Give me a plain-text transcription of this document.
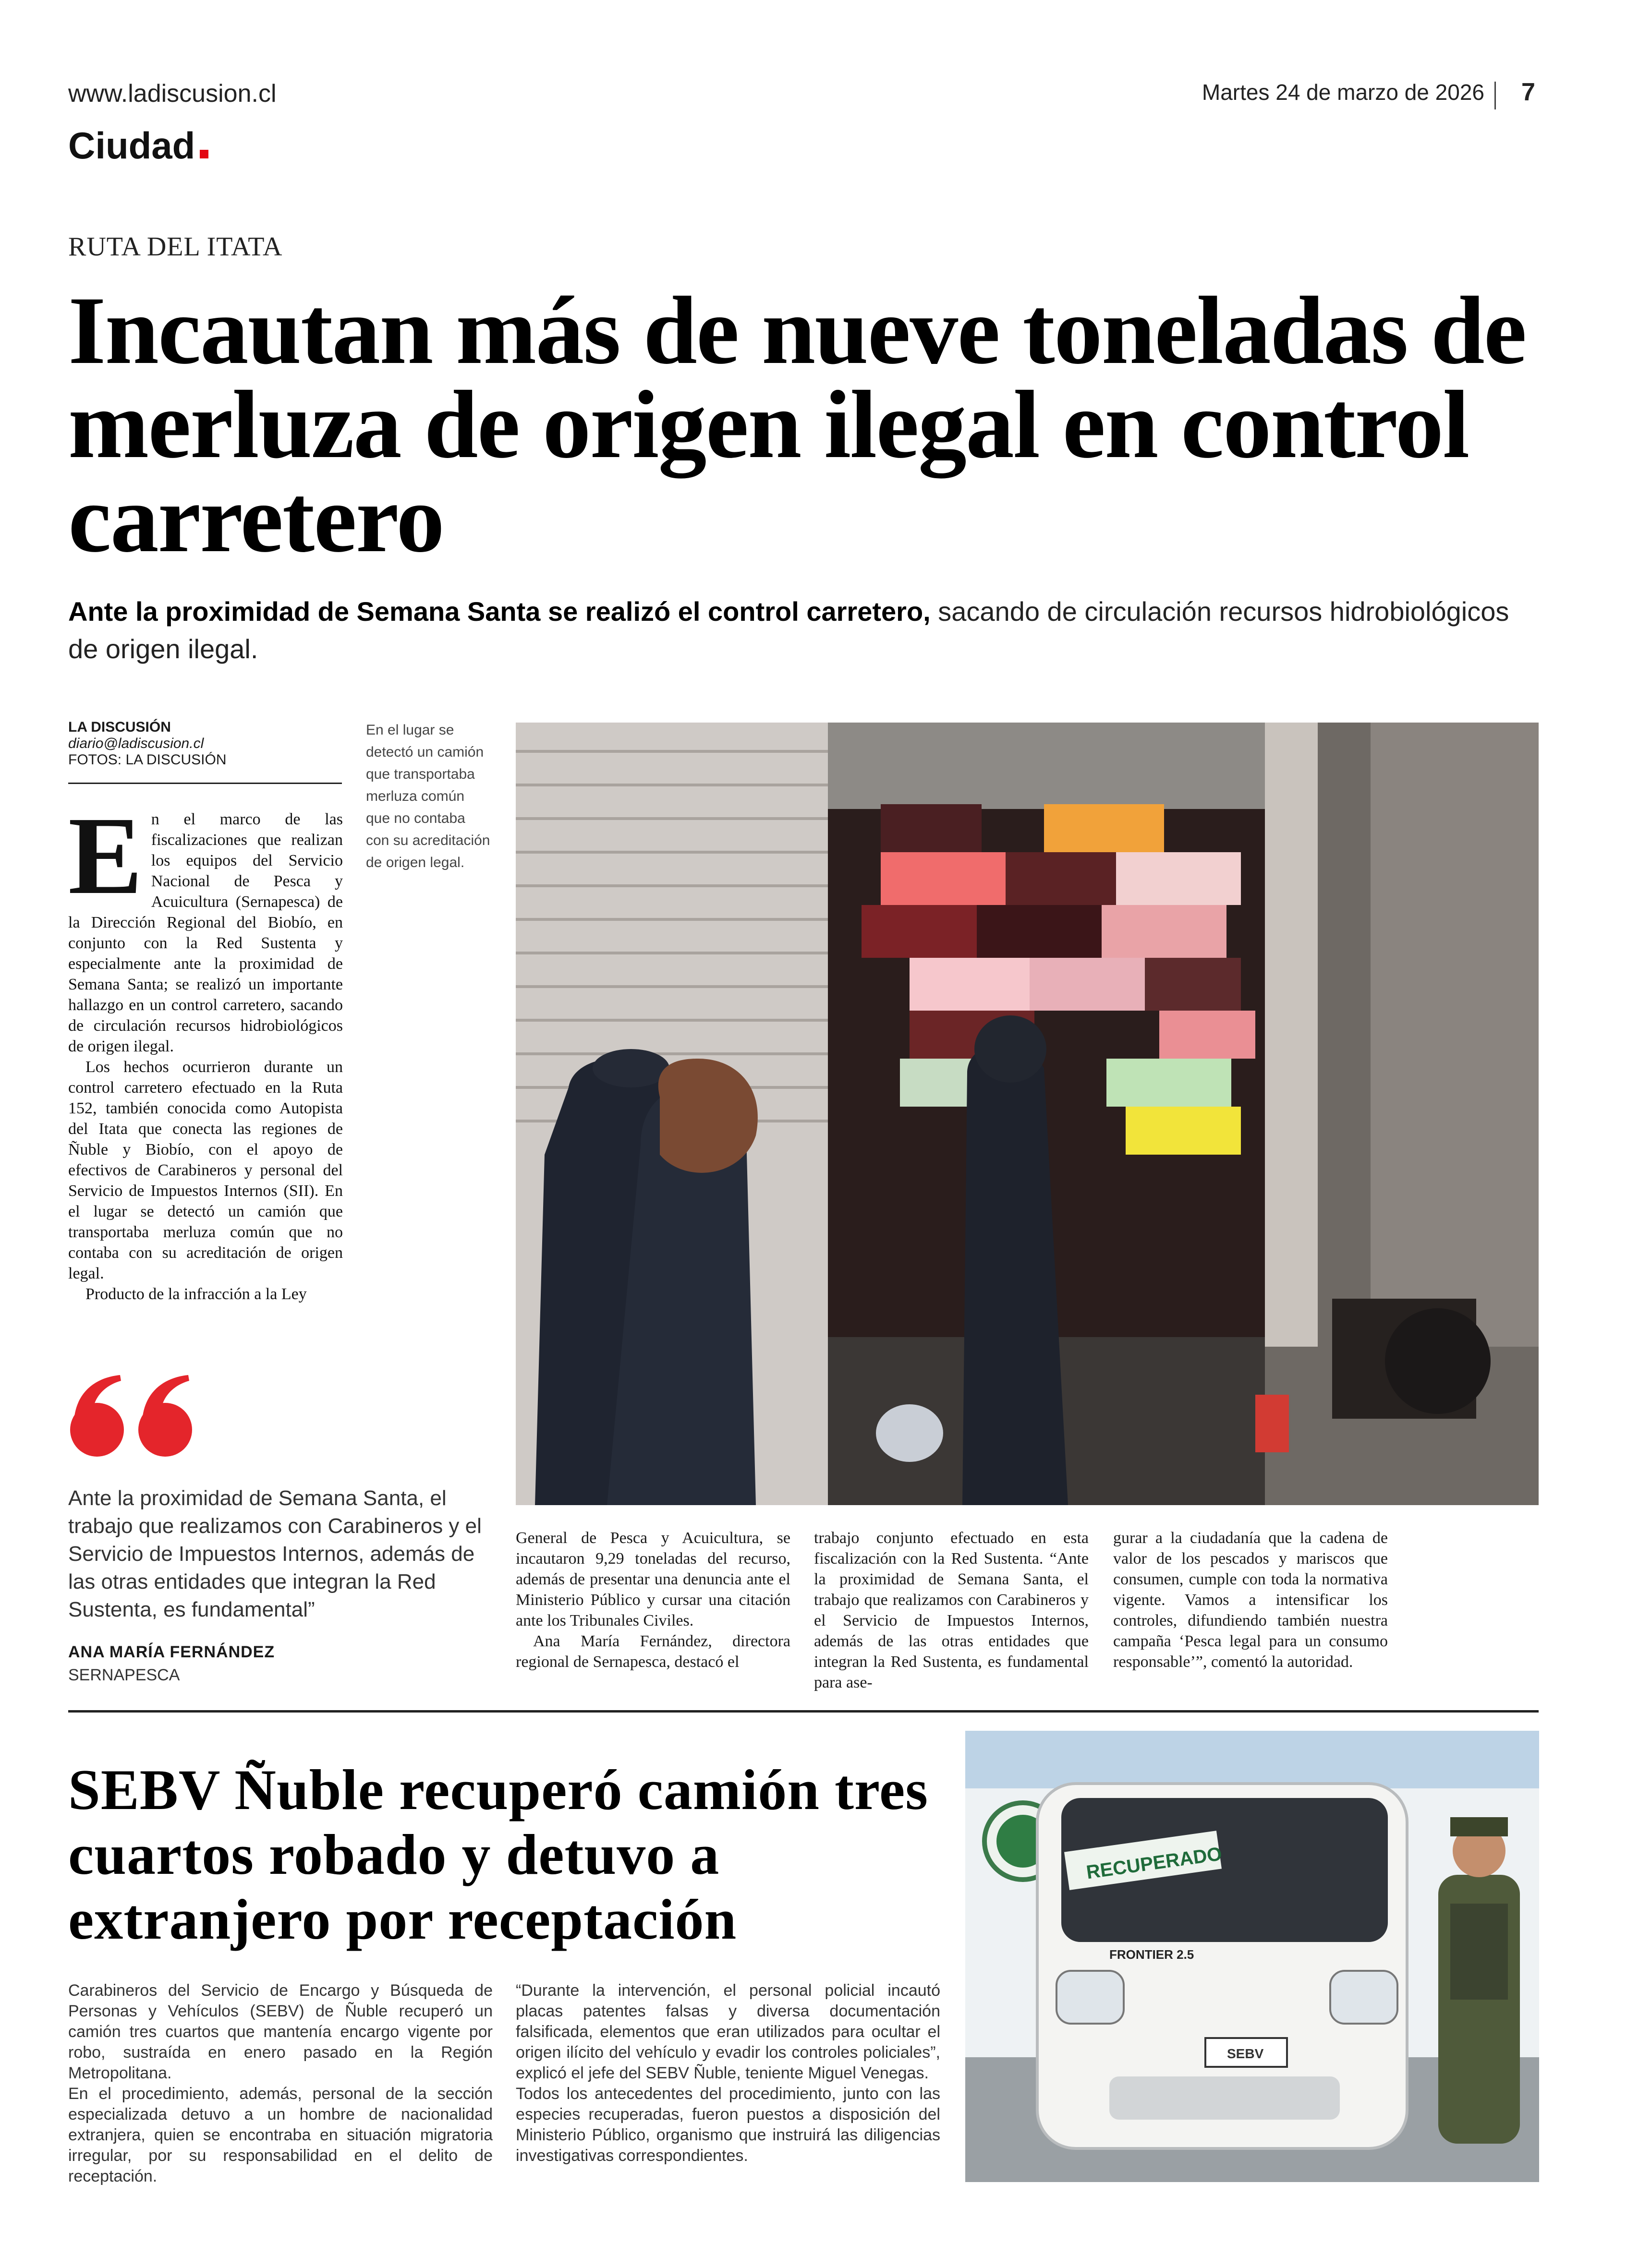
www.ladiscusion.cl	Martes 24 de marzo de 2026 7
Ciudad
RUTA DEL ITATA
Incautan más de nueve toneladas de merluza de origen ilegal en control carretero
Ante la proximidad de Semana Santa se realizó el control carretero, sacando de circulación recursos hidrobiológicos de origen ilegal.
LA DISCUSIÓN
diario@ladiscusion.cl
FOTOS: LA DISCUSIÓN
En el lugar se detectó un camión que transportaba merluza común que no contaba con su acreditación de origen legal.
E n el marco de las fiscalizaciones que realizan los equipos del Servicio Nacional de Pesca y Acuicultura (Sernapesca) de la Dirección Regional del Biobío, en conjunto con la Red Sustenta y especialmente ante la proximidad de Semana Santa; se realizó un importante hallazgo en un control carretero, sacando de circulación recursos hidrobiológicos de origen ilegal.

Los hechos ocurrieron durante un control carretero efectuado en la Ruta 152, también conocida como Autopista del Itata que conecta las regiones de Ñuble y Biobío, con el apoyo de efectivos de Carabineros y personal del Servicio de Impuestos Internos (SII). En el lugar se detectó un camión que transportaba merluza común que no contaba con su acreditación de origen legal.

Producto de la infracción a la Ley

Ante la proximidad de Semana Santa, el trabajo que realizamos con Carabineros y el Servicio de Impuestos Internos, además de las otras entidades que integran la Red Sustenta, es fundamental”
ANA MARÍA FERNÁNDEZ
SERNAPESCA

General de Pesca y Acuicultura, se incautaron 9,29 toneladas del recurso, además de presentar una denuncia ante el Ministerio Público y cursar una citación ante los Tribunales Civiles.

Ana María Fernández, directora regional de Sernapesca, destacó el

trabajo conjunto efectuado en esta fiscalización con la Red Sustenta. “Ante la proximidad de Semana Santa, el trabajo que realizamos con Carabineros y el Servicio de Impuestos Internos, además de las otras entidades que integran la Red Sustenta, es fundamental para ase-

gurar a la ciudadanía que la cadena de valor de los pescados y mariscos que consumen, cumple con toda la normativa vigente. Vamos a intensificar los controles, difundiendo también nuestra campaña ‘Pesca legal para un consumo responsable’”, comentó la autoridad.

SEBV Ñuble recuperó camión tres cuartos robado y detuvo a extranjero por receptación

Carabineros del Servicio de Encargo y Búsqueda de Personas y Vehículos (SEBV) de Ñuble recuperó un camión tres cuartos que mantenía encargo vigente por robo, sustraída en enero pasado en la Región Metropolitana.

En el procedimiento, además, personal de la sección especializada detuvo a un hombre de nacionalidad extranjera, quien se encontraba en situación migratoria irregular, por su responsabilidad en el delito de receptación.

“Durante la intervención, el personal policial incautó placas patentes falsas y diversa documentación falsificada, elementos que eran utilizados para ocultar el origen ilícito del vehículo y evadir los controles policiales”, explicó el jefe del SEBV Ñuble, teniente Miguel Venegas.

Todos los antecedentes del procedimiento, junto con las especies recuperadas, fueron puestos a disposición del Ministerio Público, organismo que instruirá las diligencias investigativas correspondientes.

RECUPERADO
FRONTIER 2.5
SEBV
